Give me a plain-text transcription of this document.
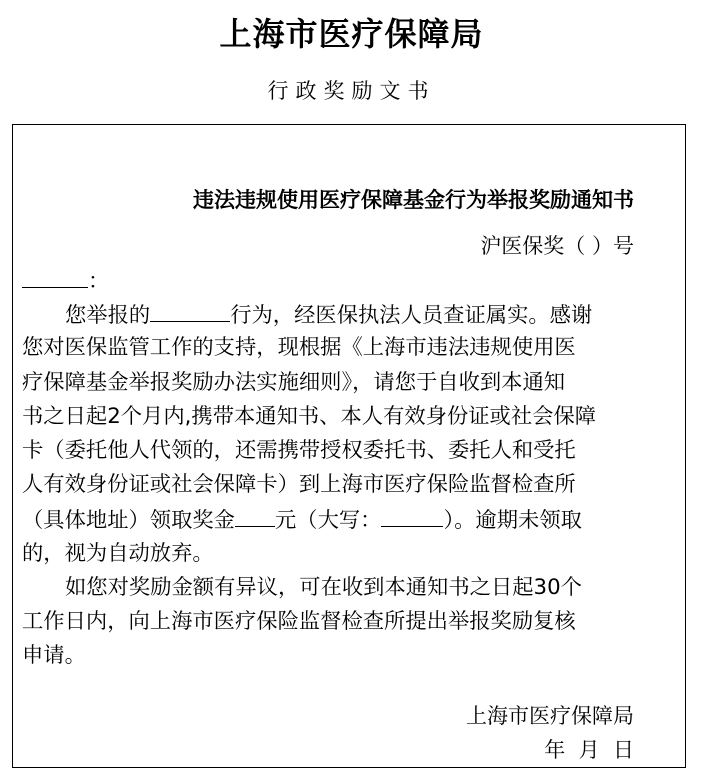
上海市医疗保障局
行政奖励文书
违法违规使用医疗保障基金行为举报奖励通知书
沪医保奖（ ）号
：
您举报的	行为，经医保执法人员查证属实。感谢
您对医保监管工作的支持，现根据《上海市违法违规使用医
疗保障基金举报奖励办法实施细则》，请您于自收到本通知
书之日起2个月内,携带本通知书、本人有效身份证或社会保障
卡（委托他人代领的，还需携带授权委托书、委托人和受托
人有效身份证或社会保障卡）到上海市医疗保险监督检查所
（具体地址）领取奖金 元（大写：	）。逾期未领取
的，视为自动放弃。
如您对奖励金额有异议，可在收到本通知书之日起30个
工作日内，向上海市医疗保险监督检查所提出举报奖励复核
申请。
上海市医疗保障局
年  月  日
